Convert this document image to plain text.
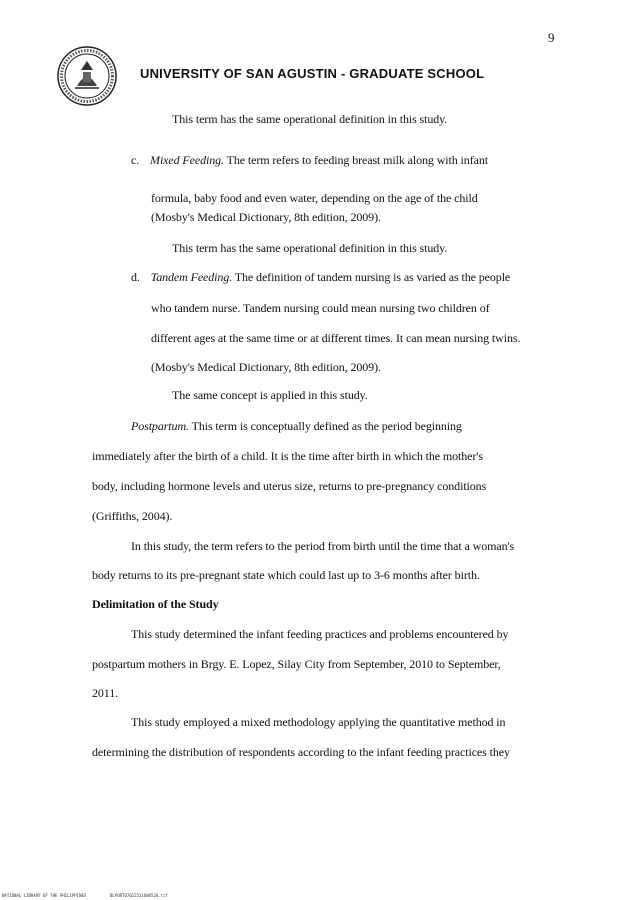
9
UNIVERSITY OF SAN AGUSTIN - GRADUATE SCHOOL
This term has the same operational definition in this study.
c. Mixed Feeding. The term refers to feeding breast milk along with infant
formula, baby food and even water, depending on the age of the child
(Mosby's Medical Dictionary, 8th edition, 2009).
This term has the same operational definition in this study.
d. Tandem Feeding. The definition of tandem nursing is as varied as the people
who tandem nurse. Tandem nursing could mean nursing two children of
different ages at the same time or at different times. It can mean nursing twins.
(Mosby's Medical Dictionary, 8th edition, 2009).
The same concept is applied in this study.
Postpartum. This term is conceptually defined as the period beginning
immediately after the birth of a child. It is the time after birth in which the mother's
body, including hormone levels and uterus size, returns to pre-pregnancy conditions
(Griffiths, 2004).
In this study, the term refers to the period from birth until the time that a woman's
body returns to its pre-pregnant state which could last up to 3-6 months after birth.
Delimitation of the Study
This study determined the infant feeding practices and problems encountered by
postpartum mothers in Brgy. E. Lopez, Silay City from September, 2010 to September,
2011.
This study employed a mixed methodology applying the quantitative method in
determining the distribution of respondents according to the infant feeding practices they
NATIONAL LIBRARY OF THE PHILIPPINES	BLPORTO7022511680520.tif
